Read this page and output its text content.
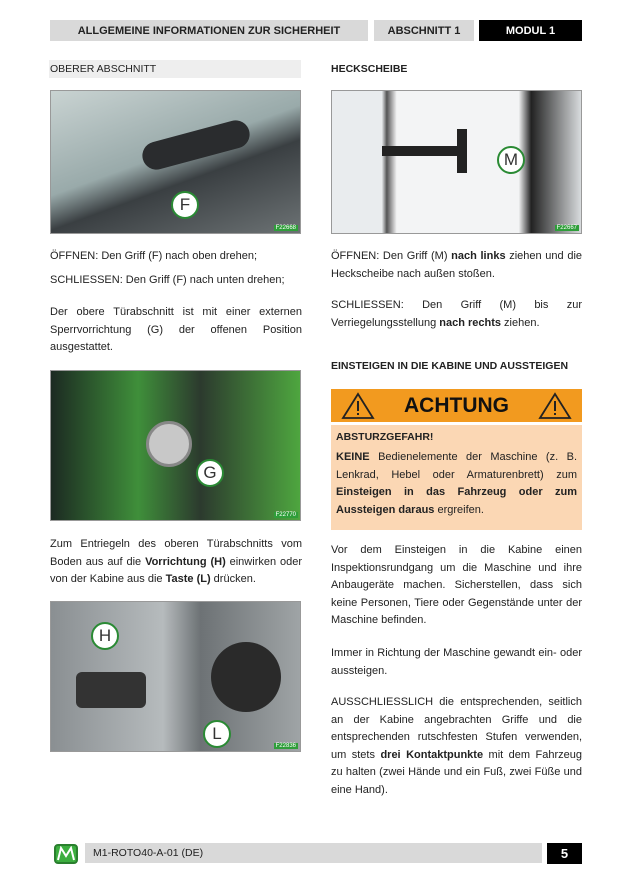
ALLGEMEINE INFORMATIONEN ZUR SICHERHEIT	ABSCHNITT 1	MODUL 1
OBERER ABSCHNITT
F
F22668
ÖFFNEN: Den Griff (F) nach oben drehen;
SCHLIESSEN: Den Griff (F) nach unten drehen;
Der obere Türabschnitt ist mit einer externen Sperrvorrichtung (G) der offenen Position ausgestattet.
G
F22770
Zum Entriegeln des oberen Türabschnitts vom Boden aus auf die Vorrichtung (H) einwirken oder von der Kabine aus die Taste (L) drücken.
H
L
F22836
HECKSCHEIBE
M
F22667
ÖFFNEN: Den Griff (M) nach links ziehen und die Heckscheibe nach außen stoßen.
SCHLIESSEN: Den Griff (M) bis zur Verriegelungsstellung nach rechts ziehen.
EINSTEIGEN IN DIE KABINE UND AUSSTEIGEN
ACHTUNG
ABSTURZGEFAHR!
KEINE Bedienelemente der Maschine (z. B. Lenkrad, Hebel oder Armaturenbrett) zum Einsteigen in das Fahrzeug oder zum Aussteigen daraus ergreifen.
Vor dem Einsteigen in die Kabine einen Inspektionsrundgang um die Maschine und ihre Anbaugeräte machen. Sicherstellen, dass sich keine Personen, Tiere oder Gegenstände unter der Maschine befinden.
Immer in Richtung der Maschine gewandt ein- oder aussteigen.
AUSSCHLIESSLICH die entsprechenden, seitlich an der Kabine angebrachten Griffe und die entsprechenden rutschfesten Stufen verwenden, um stets drei Kontaktpunkte mit dem Fahrzeug zu halten (zwei Hände und ein Fuß, zwei Füße und eine Hand).
M1-ROTO40-A-01 (DE)	5
